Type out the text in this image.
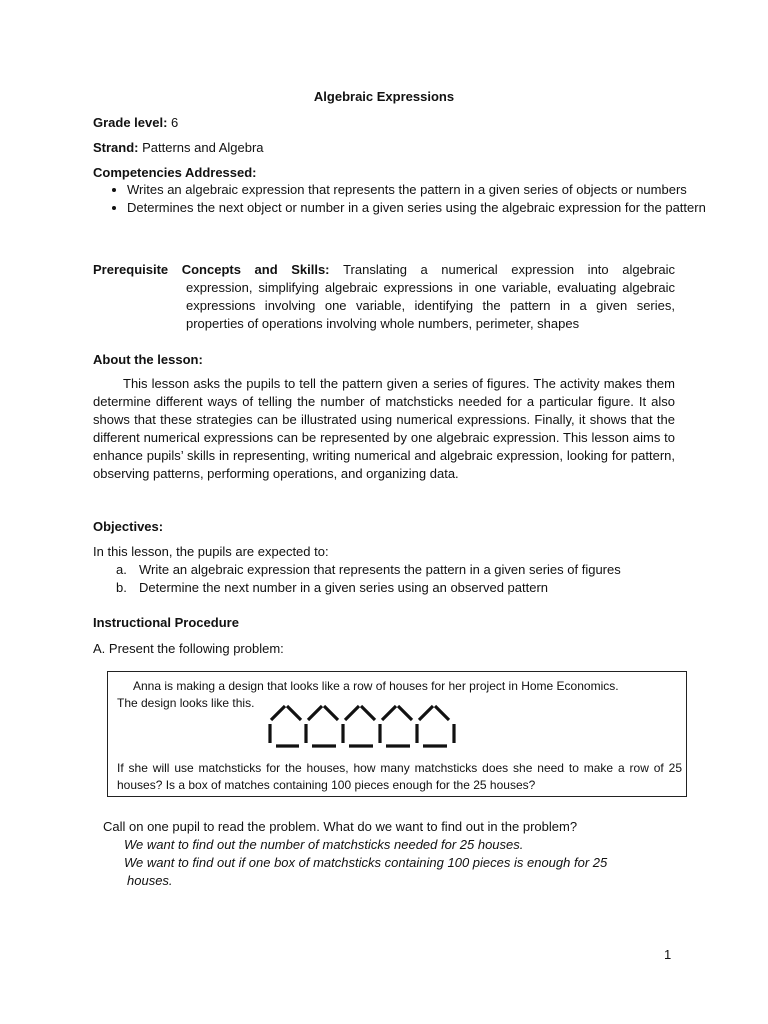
Algebraic Expressions
Grade level: 6
Strand: Patterns and Algebra
Competencies Addressed:
• Writes an algebraic expression that represents the pattern in a given series of objects or numbers
• Determines the next object or number in a given series using the algebraic expression for the pattern
Prerequisite Concepts and Skills: Translating a numerical expression into algebraic
expression, simplifying algebraic expressions in one variable, evaluating algebraic expressions involving one variable, identifying the pattern in a given series, properties of operations involving whole numbers, perimeter, shapes
About the lesson:

This lesson asks the pupils to tell the pattern given a series of figures. The activity makes them determine different ways of telling the number of matchsticks needed for a particular figure. It also shows that these strategies can be illustrated using numerical expressions. Finally, it shows that the different numerical expressions can be represented by one algebraic expression. This lesson aims to enhance pupils’ skills in representing, writing numerical and algebraic expression, looking for pattern, observing patterns, performing operations, and organizing data.

Objectives:
In this lesson, the pupils are expected to:
a. Write an algebraic expression that represents the pattern in a given series of figures
b. Determine the next number in a given series using an observed pattern
Instructional Procedure
A. Present the following problem:
Anna is making a design that looks like a row of houses for her project in Home Economics.
The design looks like this.
If she will use matchsticks for the houses, how many matchsticks does she need to make a row of 25 houses? Is a box of matches containing 100 pieces enough for the 25 houses?
Call on one pupil to read the problem. What do we want to find out in the problem?
We want to find out the number of matchsticks needed for 25 houses.
We want to find out if one box of matchsticks containing 100 pieces is enough for 25
houses.
1
